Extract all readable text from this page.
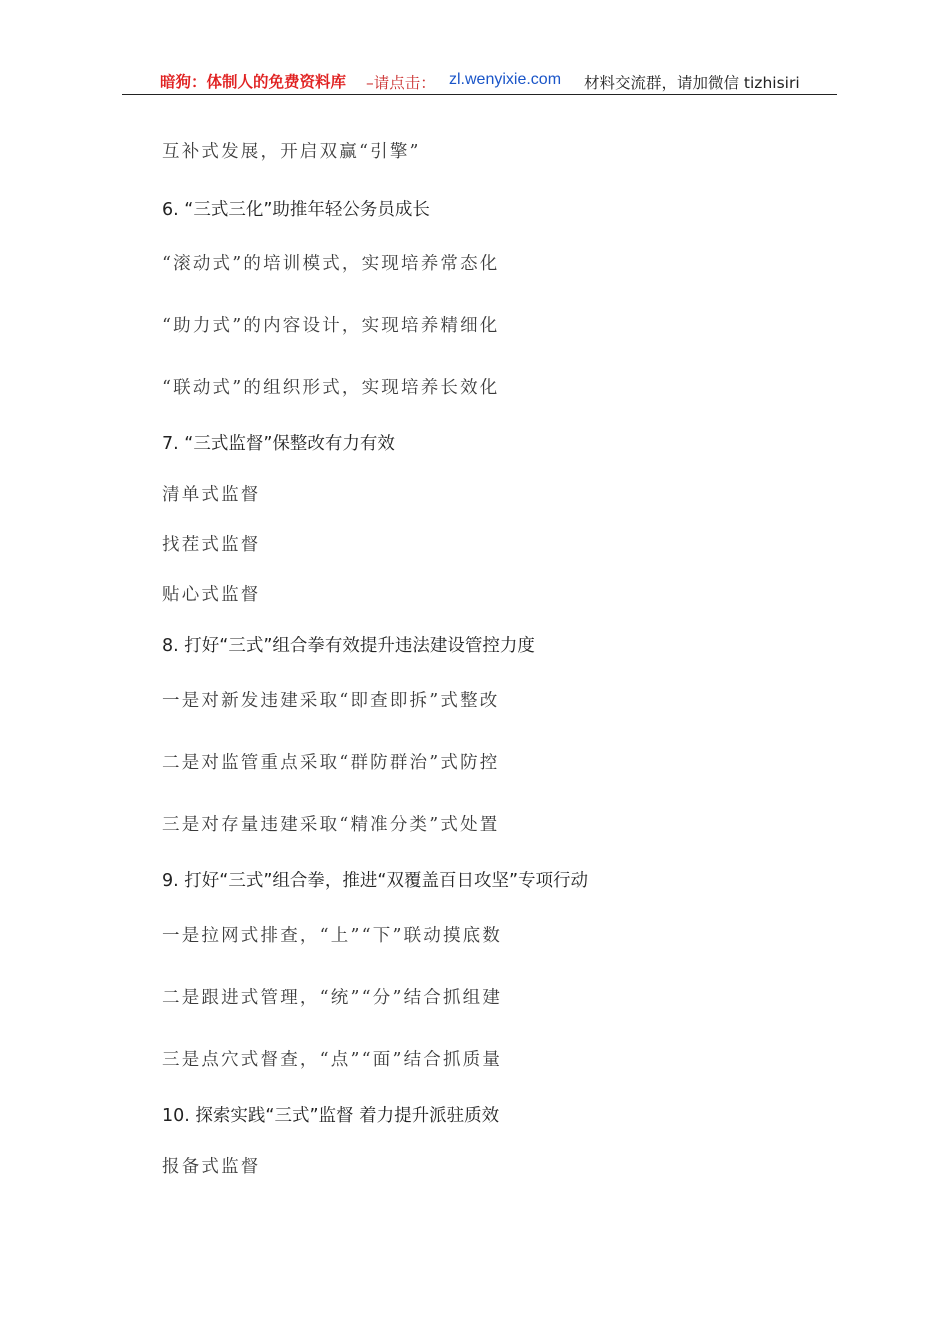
暗狗：体制人的免费资料库 –请点击： zl.wenyixie.com 材料交流群，请加微信 tizhisiri

互补式发展，开启双赢“引擎”

6. “三式三化”助推年轻公务员成长

“滚动式”的培训模式，实现培养常态化

“助力式”的内容设计，实现培养精细化

“联动式”的组织形式，实现培养长效化

7. “三式监督”保整改有力有效

清单式监督

找茬式监督

贴心式监督

8. 打好“三式”组合拳有效提升违法建设管控力度

一是对新发违建采取“即查即拆”式整改

二是对监管重点采取“群防群治”式防控

三是对存量违建采取“精准分类”式处置

9. 打好“三式”组合拳，推进“双覆盖百日攻坚”专项行动

一是拉网式排查，“上”“下”联动摸底数

二是跟进式管理，“统”“分”结合抓组建

三是点穴式督查，“点”“面”结合抓质量

10. 探索实践“三式”监督 着力提升派驻质效

报备式监督
